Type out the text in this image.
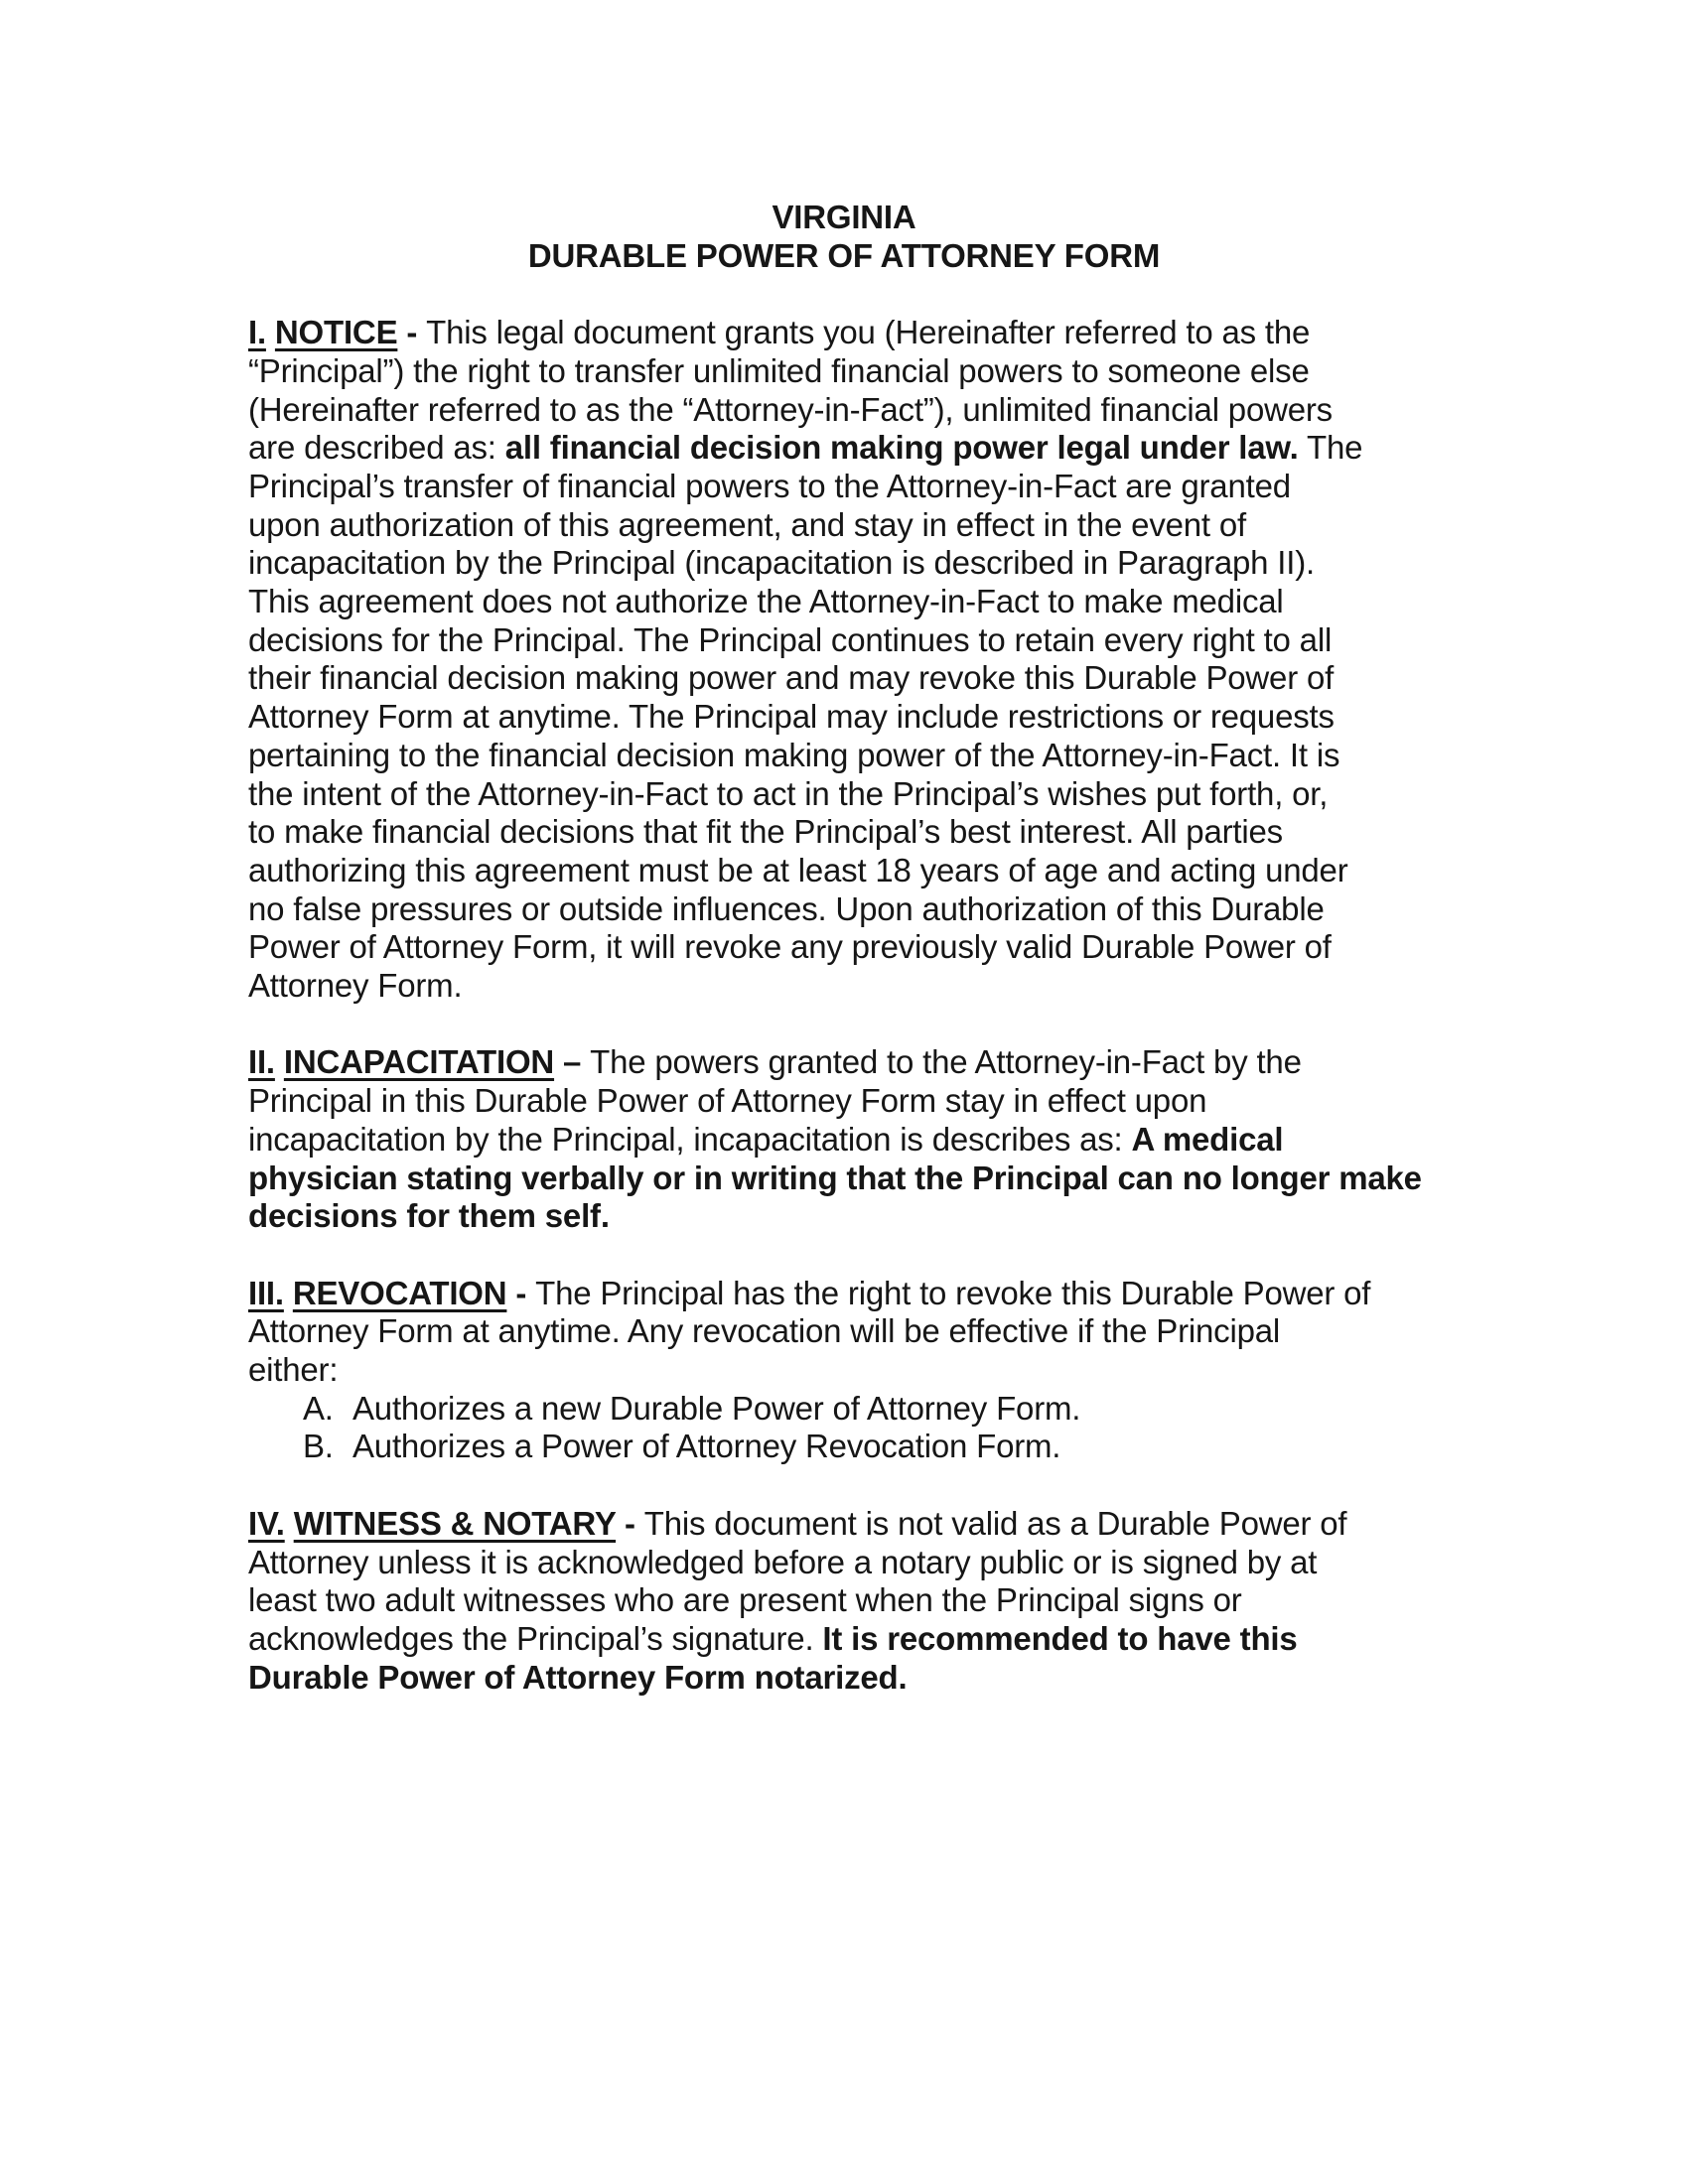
VIRGINIA
DURABLE POWER OF ATTORNEY FORM
I. NOTICE - This legal document grants you (Hereinafter referred to as the
“Principal”) the right to transfer unlimited financial powers to someone else
(Hereinafter referred to as the “Attorney-in-Fact”), unlimited financial powers
are described as: all financial decision making power legal under law. The
Principal’s transfer of financial powers to the Attorney-in-Fact are granted
upon authorization of this agreement, and stay in effect in the event of
incapacitation by the Principal (incapacitation is described in Paragraph II).
This agreement does not authorize the Attorney-in-Fact to make medical
decisions for the Principal. The Principal continues to retain every right to all
their financial decision making power and may revoke this Durable Power of
Attorney Form at anytime. The Principal may include restrictions or requests
pertaining to the financial decision making power of the Attorney-in-Fact. It is
the intent of the Attorney-in-Fact to act in the Principal’s wishes put forth, or,
to make financial decisions that fit the Principal’s best interest. All parties
authorizing this agreement must be at least 18 years of age and acting under
no false pressures or outside influences. Upon authorization of this Durable
Power of Attorney Form, it will revoke any previously valid Durable Power of
Attorney Form.
II. INCAPACITATION – The powers granted to the Attorney-in-Fact by the
Principal in this Durable Power of Attorney Form stay in effect upon
incapacitation by the Principal, incapacitation is describes as: A medical
physician stating verbally or in writing that the Principal can no longer make
decisions for them self.
III. REVOCATION - The Principal has the right to revoke this Durable Power of
Attorney Form at anytime. Any revocation will be effective if the Principal
either:
A. Authorizes a new Durable Power of Attorney Form.
B. Authorizes a Power of Attorney Revocation Form.
IV. WITNESS & NOTARY - This document is not valid as a Durable Power of
Attorney unless it is acknowledged before a notary public or is signed by at
least two adult witnesses who are present when the Principal signs or
acknowledges the Principal’s signature. It is recommended to have this
Durable Power of Attorney Form notarized.
